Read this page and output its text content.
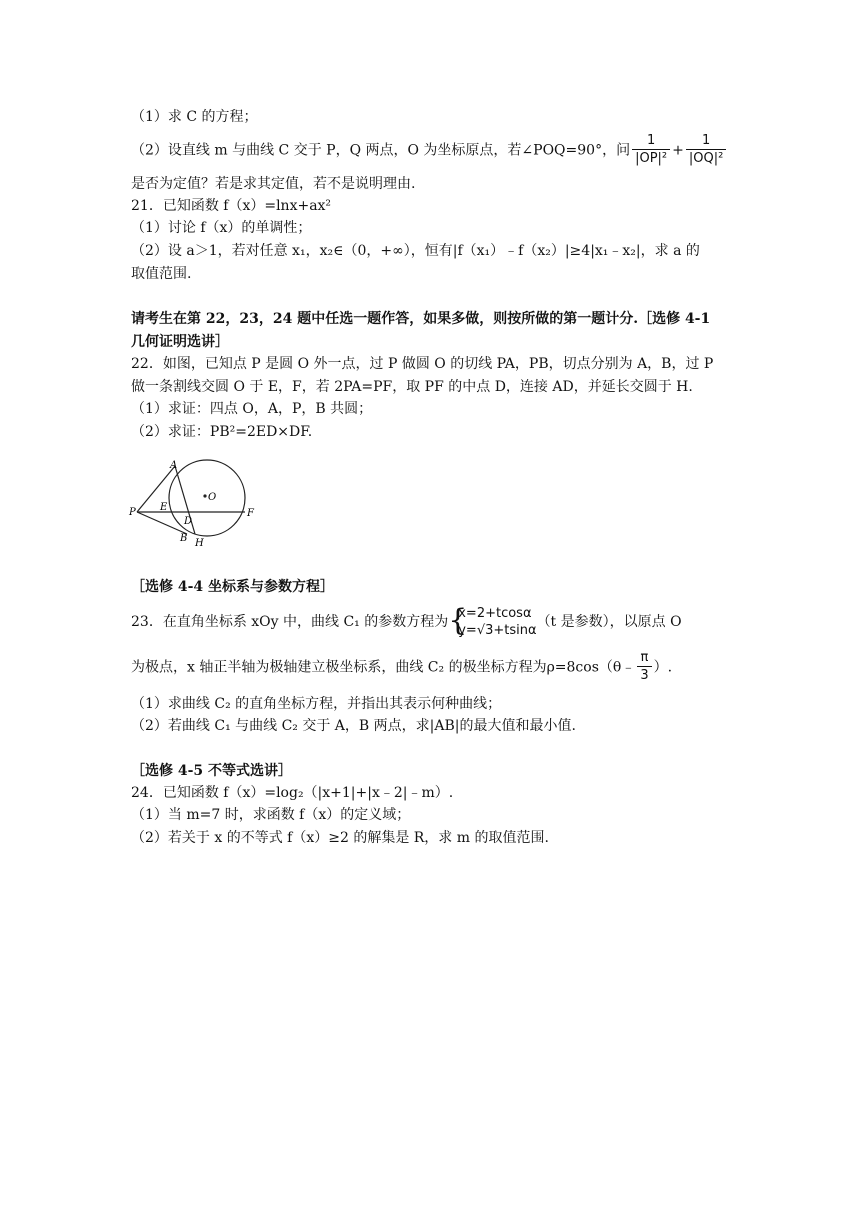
（1）求 C 的方程；
（2）设直线 m 与曲线 C 交于 P，Q 两点，O 为坐标原点，若∠POQ=90°，问 $\frac{1}{\text{|OP|²}} + \frac{1}{\text{|OQ|²}}$
是否为定值？若是求其定值，若不是说明理由.
21．已知函数 f（x）=lnx+ax²
（1）讨论 f（x）的单调性；
（2）设 a＞1，若对任意 x₁，x₂∈（0，+∞），恒有|f（x₁）﹣f（x₂）|≥4|x₁﹣x₂|，求 a 的
取值范围.
请考生在第 22，23，24 题中任选一题作答，如果多做，则按所做的第一题计分.［选修 4-1
几何证明选讲］
22．如图，已知点 P 是圆 O 外一点，过 P 做圆 O 的切线 PA，PB，切点分别为 A，B，过 P
做一条割线交圆 O 于 E，F，若 2PA=PF，取 PF 的中点 D，连接 AD，并延长交圆于 H.
（1）求证：四点 O，A，P，B 共圆；
（2）求证：PB²=2ED×DF.
A
P E
D
F
B H
O
［选修 4-4 坐标系与参数方程］
23．在直角坐标系 xOy 中，曲线 C₁ 的参数方程为 {
x=2+tcosα
y=√3+tsinα
（t 是参数），以原点 O
为极点，x 轴正半轴为极轴建立极坐标系，曲线 C₂ 的极坐标方程为ρ=8cos（θ﹣ $\frac{\pi}{3}$ ）.
（1）求曲线 C₂ 的直角坐标方程，并指出其表示何种曲线；
（2）若曲线 C₁ 与曲线 C₂ 交于 A，B 两点，求|AB|的最大值和最小值.
［选修 4-5 不等式选讲］
24．已知函数 f（x）=log₂（|x+1|+|x﹣2|﹣m）.
（1）当 m=7 时，求函数 f（x）的定义域；
（2）若关于 x 的不等式 f（x）≥2 的解集是 R，求 m 的取值范围.
